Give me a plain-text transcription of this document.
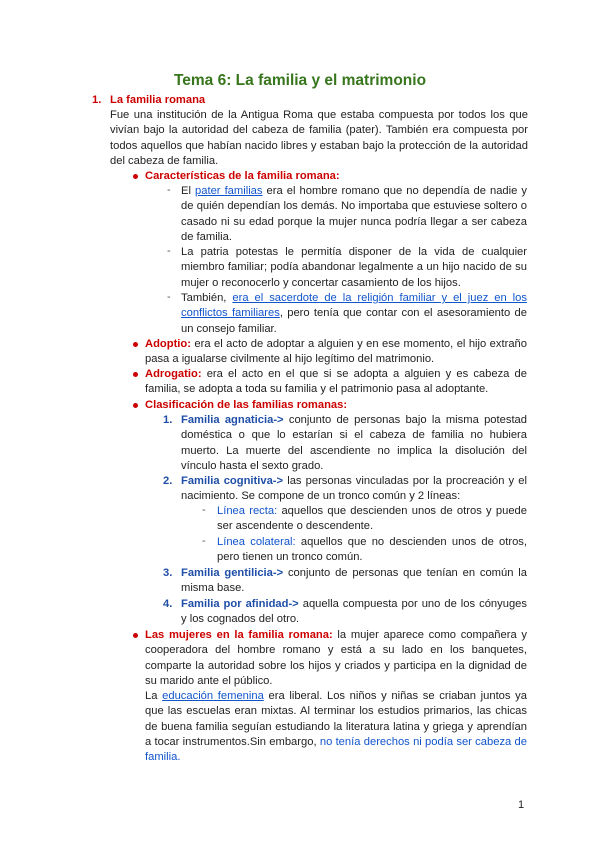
Tema 6: La familia y el matrimonio
1. La familia romana
Fue una institución de la Antigua Roma que estaba compuesta por todos los que vivían bajo la autoridad del cabeza de familia (pater). También era compuesta por todos aquellos que habían nacido libres y estaban bajo la protección de la autoridad del cabeza de familia.
Características de la familia romana:
- El pater familias era el hombre romano que no dependía de nadie y de quién dependían los demás. No importaba que estuviese soltero o casado ni su edad porque la mujer nunca podría llegar a ser cabeza de familia.
- La patria potestas le permitía disponer de la vida de cualquier miembro familiar; podía abandonar legalmente a un hijo nacido de su mujer o reconocerlo y concertar casamiento de los hijos.
- También, era el sacerdote de la religión familiar y el juez en los conflictos familiares, pero tenía que contar con el asesoramiento de un consejo familiar.
Adoptio: era el acto de adoptar a alguien y en ese momento, el hijo extraño pasa a igualarse civilmente al hijo legítimo del matrimonio.
Adrogatio: era el acto en el que si se adopta a alguien y es cabeza de familia, se adopta a toda su familia y el patrimonio pasa al adoptante.
Clasificación de las familias romanas:
1. Familia agnaticia-> conjunto de personas bajo la misma potestad doméstica o que lo estarían si el cabeza de familia no hubiera muerto. La muerte del ascendiente no implica la disolución del vínculo hasta el sexto grado.
2. Familia cognitiva-> las personas vinculadas por la procreación y el nacimiento. Se compone de un tronco común y 2 líneas:
- Línea recta: aquellos que descienden unos de otros y puede ser ascendente o descendente.
- Línea colateral: aquellos que no descienden unos de otros, pero tienen un tronco común.
3. Familia gentilicia-> conjunto de personas que tenían en común la misma base.
4. Familia por afinidad-> aquella compuesta por uno de los cónyuges y los cognados del otro.
Las mujeres en la familia romana: la mujer aparece como compañera y cooperadora del hombre romano y está a su lado en los banquetes, comparte la autoridad sobre los hijos y criados y participa en la dignidad de su marido ante el público.
La educación femenina era liberal. Los niños y niñas se criaban juntos ya que las escuelas eran mixtas. Al terminar los estudios primarios, las chicas de buena familia seguían estudiando la literatura latina y griega y aprendían a tocar instrumentos.Sin embargo, no tenía derechos ni podía ser cabeza de familia.
1
